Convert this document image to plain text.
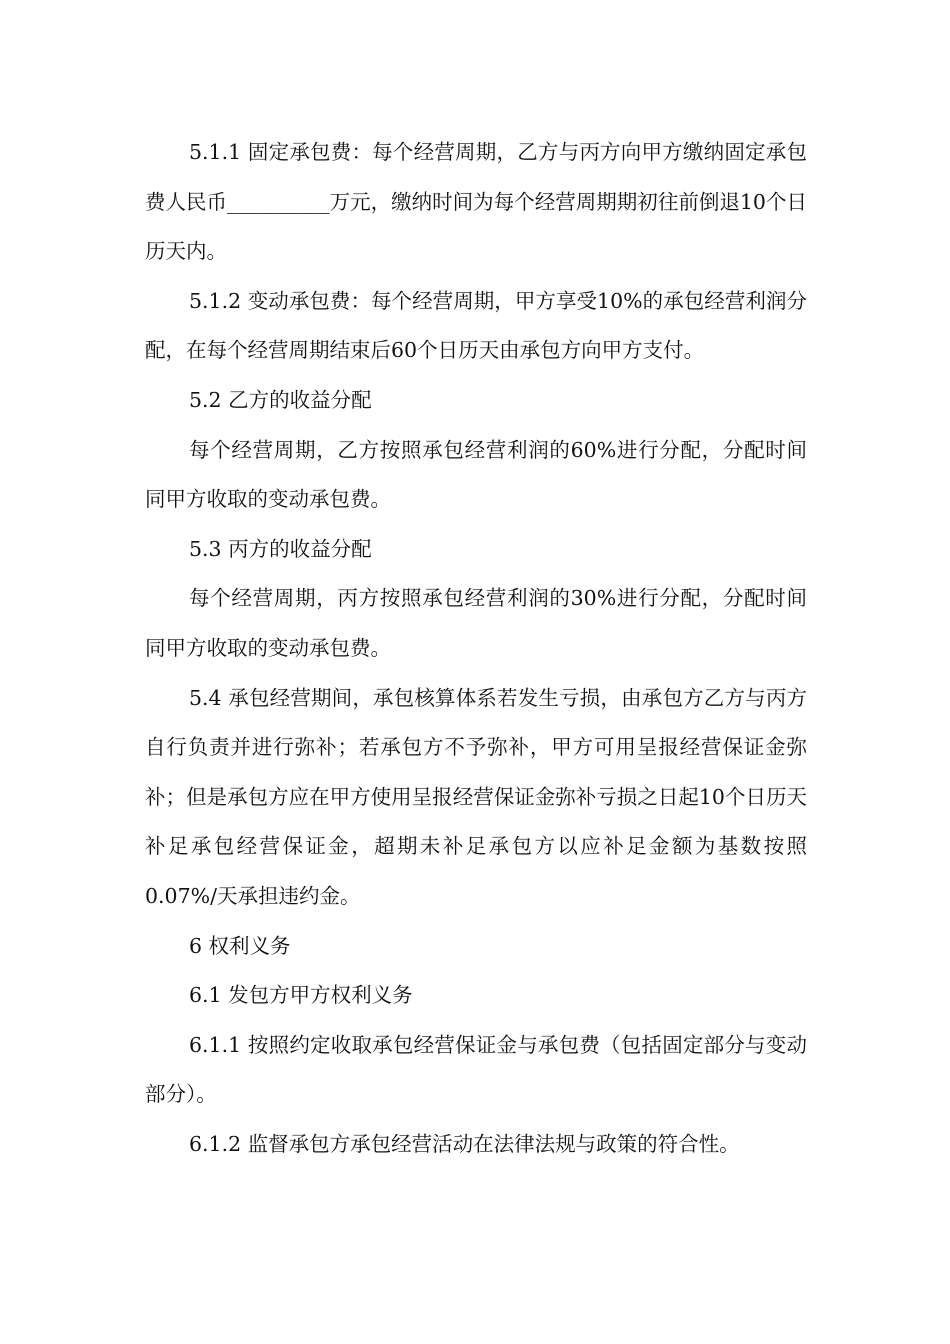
5.1.1 固定承包费：每个经营周期，乙方与丙方向甲方缴纳固定承包费人民币__________万元，缴纳时间为每个经营周期期初往前倒退10个日历天内。

5.1.2 变动承包费：每个经营周期，甲方享受10%的承包经营利润分配，在每个经营周期结束后60个日历天由承包方向甲方支付。

5.2 乙方的收益分配

每个经营周期，乙方按照承包经营利润的60%进行分配，分配时间同甲方收取的变动承包费。

5.3 丙方的收益分配

每个经营周期，丙方按照承包经营利润的30%进行分配，分配时间同甲方收取的变动承包费。

5.4 承包经营期间，承包核算体系若发生亏损，由承包方乙方与丙方自行负责并进行弥补；若承包方不予弥补，甲方可用呈报经营保证金弥补；但是承包方应在甲方使用呈报经营保证金弥补亏损之日起10个日历天补足承包经营保证金，超期未补足承包方以应补足金额为基数按照0.07%/天承担违约金。

6 权利义务

6.1 发包方甲方权利义务

6.1.1 按照约定收取承包经营保证金与承包费（包括固定部分与变动部分）。

6.1.2 监督承包方承包经营活动在法律法规与政策的符合性。
